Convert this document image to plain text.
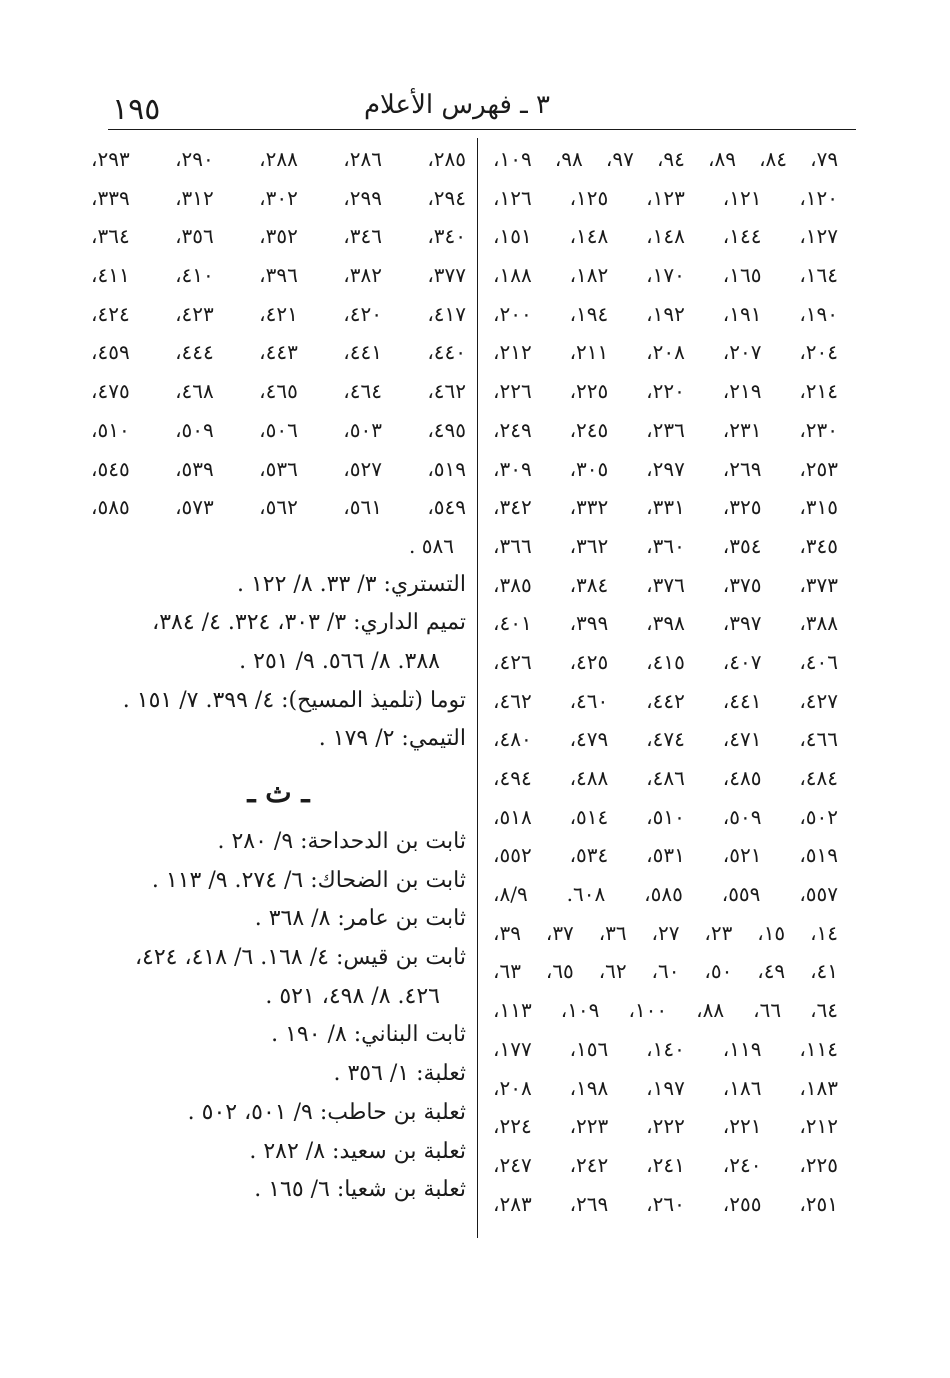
١٩٥	٣ ـ فهرس الأعلام
٧٩، ٨٤، ٨٩، ٩٤، ٩٧، ٩٨، ١٠٩،
١٢٠، ١٢١، ١٢٣، ١٢٥، ١٢٦،
١٢٧، ١٤٤، ١٤٨، ١٤٨، ١٥١،
١٦٤، ١٦٥، ١٧٠، ١٨٢، ١٨٨،
١٩٠، ١٩١، ١٩٢، ١٩٤، ٢٠٠،
٢٠٤، ٢٠٧، ٢٠٨، ٢١١، ٢١٢،
٢١٤، ٢١٩، ٢٢٠، ٢٢٥، ٢٢٦،
٢٣٠، ٢٣١، ٢٣٦، ٢٤٥، ٢٤٩،
٢٥٣، ٢٦٩، ٢٩٧، ٣٠٥، ٣٠٩،
٣١٥، ٣٢٥، ٣٣١، ٣٣٢، ٣٤٢،
٣٤٥، ٣٥٤، ٣٦٠، ٣٦٢، ٣٦٦،
٣٧٣، ٣٧٥، ٣٧٦، ٣٨٤، ٣٨٥،
٣٨٨، ٣٩٧، ٣٩٨، ٣٩٩، ٤٠١،
٤٠٦، ٤٠٧، ٤١٥، ٤٢٥، ٤٢٦،
٤٢٧، ٤٤١، ٤٤٢، ٤٦٠، ٤٦٢،
٤٦٦، ٤٧١، ٤٧٤، ٤٧٩، ٤٨٠،
٤٨٤، ٤٨٥، ٤٨٦، ٤٨٨، ٤٩٤،
٥٠٢، ٥٠٩، ٥١٠، ٥١٤، ٥١٨،
٥١٩، ٥٢١، ٥٣١، ٥٣٤، ٥٥٢،
٥٥٧، ٥٥٩، ٥٨٥، ٦٠٨. ٨/٩،
١٤، ١٥، ٢٣، ٢٧، ٣٦، ٣٧، ٣٩،
٤١، ٤٩، ٥٠، ٦٠، ٦٢، ٦٥، ٦٣،
٦٤، ٦٦، ٨٨، ١٠٠، ١٠٩، ١١٣،
١١٤، ١١٩، ١٤٠، ١٥٦، ١٧٧،
١٨٣، ١٨٦، ١٩٧، ١٩٨، ٢٠٨،
٢١٢، ٢٢١، ٢٢٢، ٢٢٣، ٢٢٤،
٢٢٥، ٢٤٠، ٢٤١، ٢٤٢، ٢٤٧،
٢٥١، ٢٥٥، ٢٦٠، ٢٦٩، ٢٨٣،
٢٨٥، ٢٨٦، ٢٨٨، ٢٩٠، ٢٩٣،
٢٩٤، ٢٩٩، ٣٠٢، ٣١٢، ٣٣٩،
٣٤٠، ٣٤٦، ٣٥٢، ٣٥٦، ٣٦٤،
٣٧٧، ٣٨٢، ٣٩٦، ٤١٠، ٤١١،
٤١٧، ٤٢٠، ٤٢١، ٤٢٣، ٤٢٤،
٤٤٠، ٤٤١، ٤٤٣، ٤٤٤، ٤٥٩،
٤٦٢، ٤٦٤، ٤٦٥، ٤٦٨، ٤٧٥،
٤٩٥، ٥٠٣، ٥٠٦، ٥٠٩، ٥١٠،
٥١٩، ٥٢٧، ٥٣٦، ٥٣٩، ٥٤٥،
٥٤٩، ٥٦١، ٥٦٢، ٥٧٣، ٥٨٥،
٥٨٦ .
التستري: ٣/ ٣٣. ٨/ ١٢٢ .
تميم الداري: ٣/ ٣٠٣، ٣٢٤. ٤/ ٣٨٤،
٣٨٨. ٨/ ٥٦٦. ٩/ ٢٥١ .
توما (تلميذ المسيح): ٤/ ٣٩٩. ٧/ ١٥١ .
التيمي: ٢/ ١٧٩ .
ـ ث ـ
ثابت بن الدحداحة: ٩/ ٢٨٠ .
ثابت بن الضحاك: ٦/ ٢٧٤. ٩/ ١١٣ .
ثابت بن عامر: ٨/ ٣٦٨ .
ثابت بن قيس: ٤/ ١٦٨. ٦/ ٤١٨، ٤٢٤،
٤٢٦. ٨/ ٤٩٨، ٥٢١ .
ثابت البناني: ٨/ ١٩٠ .
ثعلبة: ١/ ٣٥٦ .
ثعلبة بن حاطب: ٩/ ٥٠١، ٥٠٢ .
ثعلبة بن سعيد: ٨/ ٢٨٢ .
ثعلبة بن شعيا: ٦/ ١٦٥ .
